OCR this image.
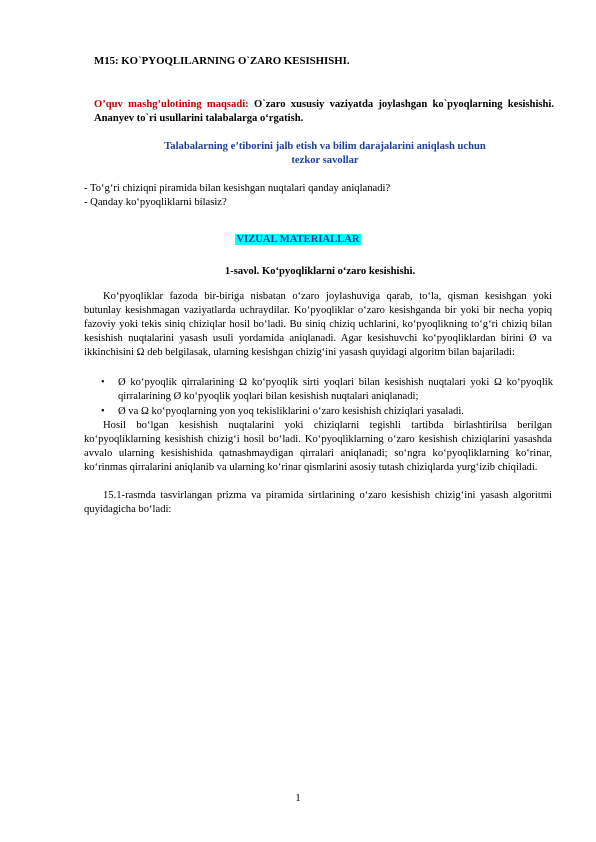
M15: KO`PYOQLILARNING O`ZARO KESISHISHI.
O’quv mashg’ulotining maqsadi: O`zaro xususiy vaziyatda joylashgan ko`pyoqlarning kesishishi. Ananyev to`ri usullarini talabalarga o‘rgatish.
Talabalarning e’tiborini jalb etish va bilim darajalarini aniqlash uchun
tezkor savollar
- To‘g‘ri chiziqni piramida bilan kesishgan nuqtalari qanday aniqlanadi?
- Qanday ko‘pyoqliklarni bilasiz?
VIZUAL MATERIALLAR
1-savol. Ko‘pyoqliklarni o‘zaro kesishishi.
Ko‘pyoqliklar fazoda bir-biriga nisbatan o‘zaro joylashuviga qarab, to‘la, qisman kesishgan yoki butunlay kesishmagan vaziyatlarda uchraydilar. Ko‘pyoqliklar o‘zaro kesishganda bir yoki bir necha yopiq fazoviy yoki tekis siniq chiziqlar hosil bo‘ladi. Bu siniq chiziq uchlarini, ko‘pyoqlikning to‘g‘ri chiziq bilan kesishish nuqtalarini yasash usuli yordamida aniqlanadi. Agar kesishuvchi ko‘pyoqliklardan birini Ø va ikkinchisini Ω deb belgilasak, ularning kesishgan chizig‘ini yasash quyidagi algoritm bilan bajariladi:
• Ø ko‘pyoqlik qirralarining Ω ko‘pyoqlik sirti yoqlari bilan kesishish nuqtalari yoki Ω ko‘pyoqlik qirralarining Ø ko‘pyoqlik yoqlari bilan kesishish nuqtalari aniqlanadi;
• Ø va Ω ko‘pyoqlarning yon yoq tekisliklarini o‘zaro kesishish chiziqlari yasaladi.
Hosil bo‘lgan kesishish nuqtalarini yoki chiziqlarni tegishli tartibda birlashtirilsa berilgan ko‘pyoqliklarning kesishish chizig‘i hosil bo‘ladi. Ko‘pyoqliklarning o‘zaro kesishish chiziqlarini yasashda avvalo ularning kesishishida qatnashmaydigan qirralari aniqlanadi; so‘ngra ko‘pyoqliklarning ko‘rinar, ko‘rinmas qirralarini aniqlanib va ularning ko‘rinar qismlarini asosiy tutash chiziqlarda yurg‘izib chiqiladi.
15.1-rasmda tasvirlangan prizma va piramida sirtlarining o‘zaro kesishish chizig‘ini yasash algoritmi quyidagicha bo‘ladi:
1
